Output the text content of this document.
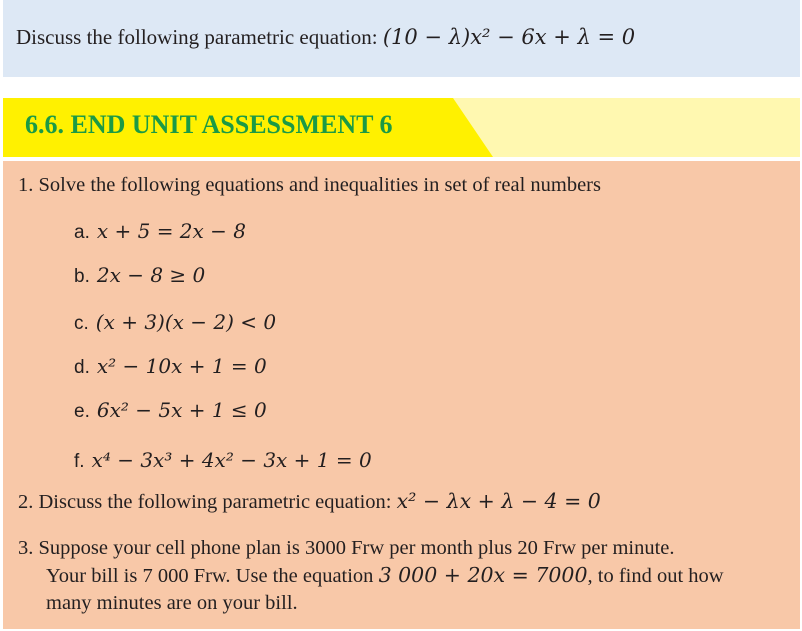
Discuss the following parametric equation: (10 − λ)x² − 6x + λ = 0
6.6. END UNIT ASSESSMENT 6
1. Solve the following equations and inequalities in set of real numbers
a. x + 5 = 2x − 8
b. 2x − 8 ≥ 0
c. (x + 3)(x − 2) < 0
d. x² − 10x + 1 = 0
e. 6x² − 5x + 1 ≤ 0
f. x⁴ − 3x³ + 4x² − 3x + 1 = 0
2. Discuss the following parametric equation: x² − λx + λ − 4 = 0
3. Suppose your cell phone plan is 3000 Frw per month plus 20 Frw per minute.
Your bill is 7 000 Frw. Use the equation 3 000 + 20x = 7000, to find out how
many minutes are on your bill.
